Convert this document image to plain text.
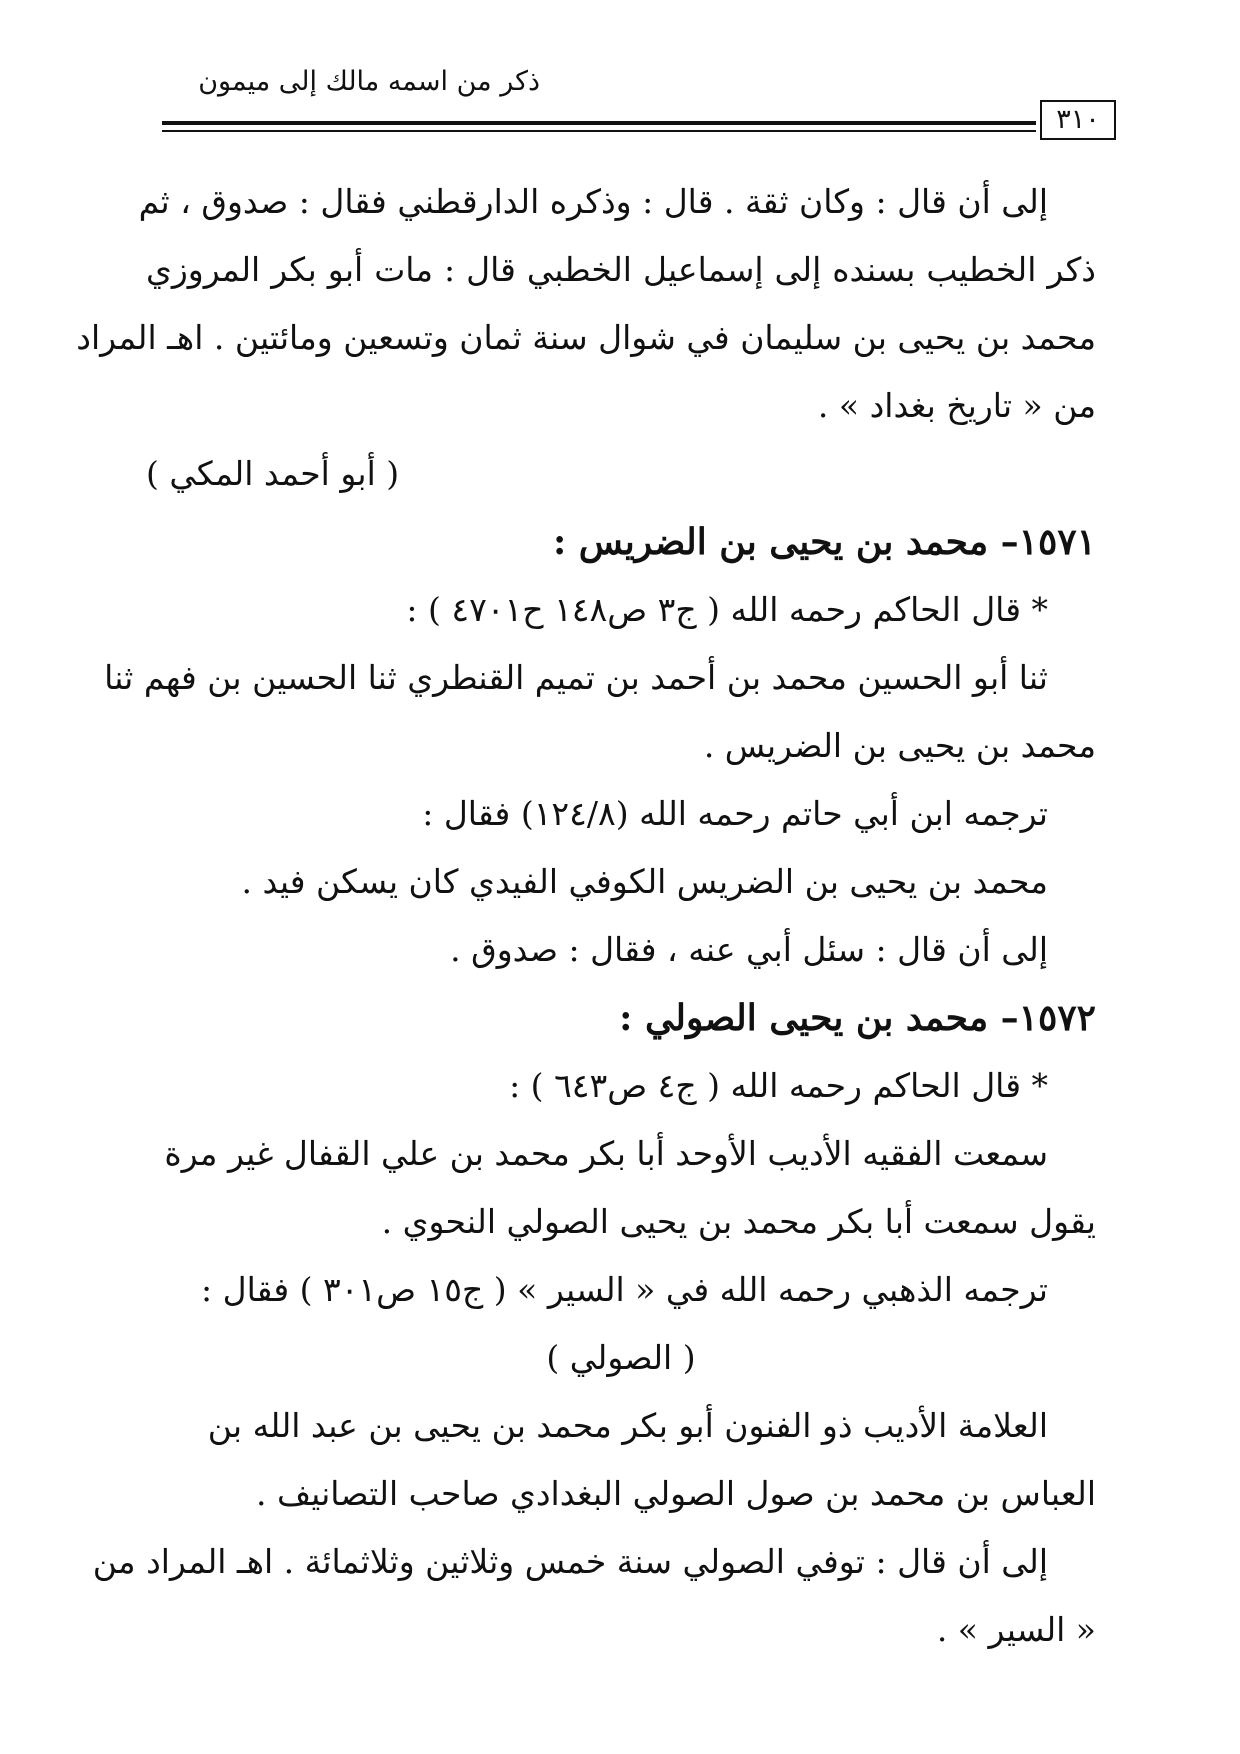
ذكر من اسمه مالك إلى ميمون
٣١٠
إلى أن قال : وكان ثقة . قال : وذكره الدارقطني فقال : صدوق ، ثم
ذكر الخطيب بسنده إلى إسماعيل الخطبي قال : مات أبو بكر المروزي
محمد بن يحيى بن سليمان في شوال سنة ثمان وتسعين ومائتين . اهـ المراد
من « تاريخ بغداد » .
( أبو أحمد المكي )
١٥٧١– محمد بن يحيى بن الضريس :
* قال الحاكم رحمه الله ( ج٣ ص١٤٨ ح٤٧٠١ ) :
ثنا أبو الحسين محمد بن أحمد بن تميم القنطري ثنا الحسين بن فهم ثنا
محمد بن يحيى بن الضريس .
ترجمه ابن أبي حاتم رحمه الله (١٢٤/٨) فقال :
محمد بن يحيى بن الضريس الكوفي الفيدي كان يسكن فيد .
إلى أن قال : سئل أبي عنه ، فقال : صدوق .
١٥٧٢– محمد بن يحيى الصولي :
* قال الحاكم رحمه الله ( ج٤ ص٦٤٣ ) :
سمعت الفقيه الأديب الأوحد أبا بكر محمد بن علي القفال غير مرة
يقول سمعت أبا بكر محمد بن يحيى الصولي النحوي .
ترجمه الذهبي رحمه الله في « السير » ( ج١٥ ص٣٠١ ) فقال :
( الصولي )
العلامة الأديب ذو الفنون أبو بكر محمد بن يحيى بن عبد الله بن
العباس بن محمد بن صول الصولي البغدادي صاحب التصانيف .
إلى أن قال : توفي الصولي سنة خمس وثلاثين وثلاثمائة . اهـ المراد من
« السير » .
